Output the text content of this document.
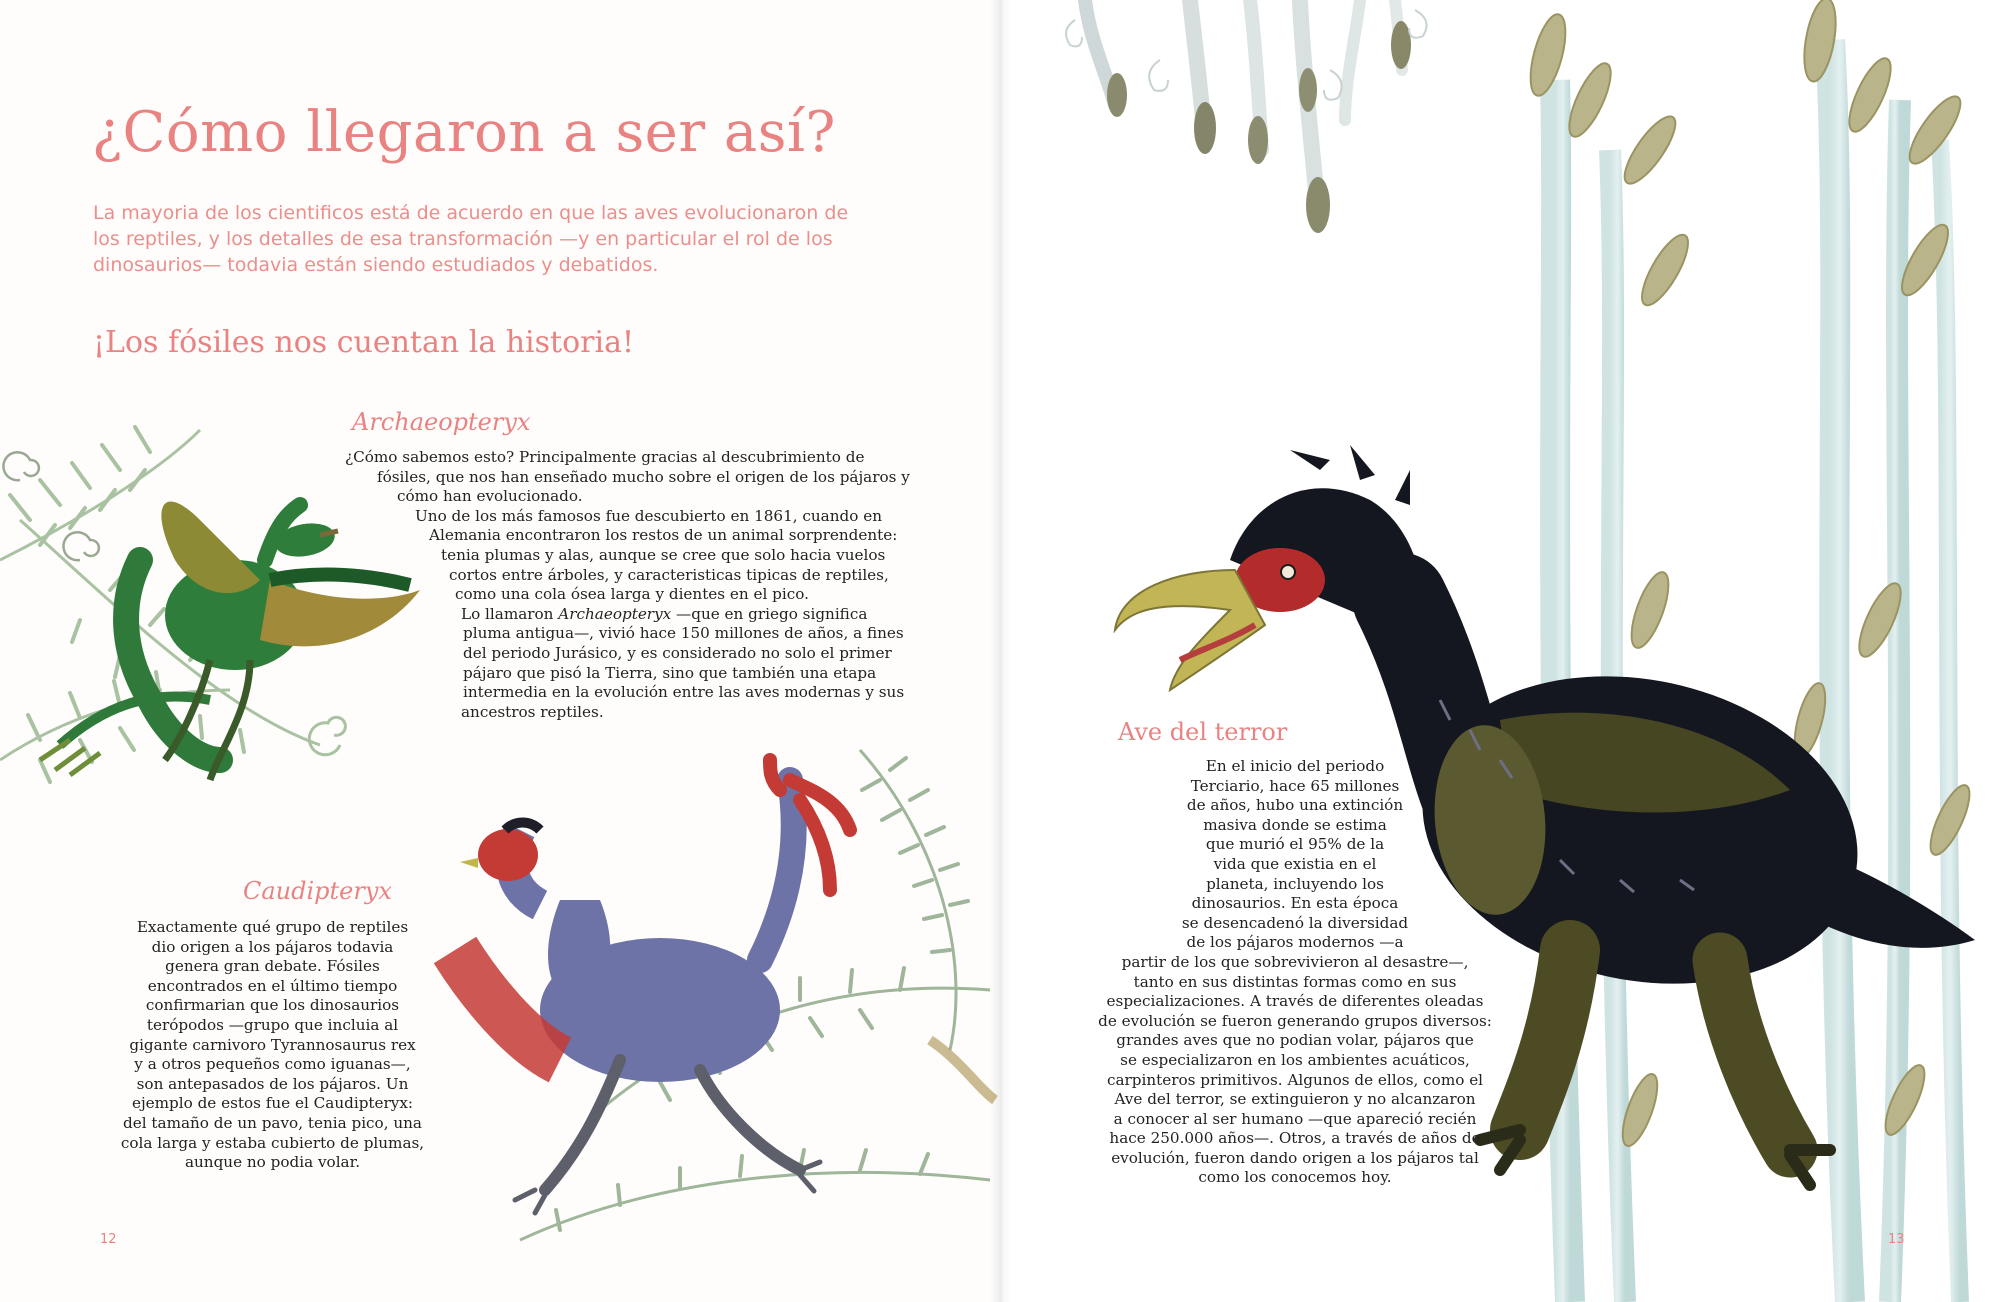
¿Cómo llegaron a ser así?

La mayoria de los cientificos está de acuerdo en que las aves evolucionaron de
los reptiles, y los detalles de esa transformación —y en particular el rol de los
dinosaurios— todavia están siendo estudiados y debatidos.

¡Los fósiles nos cuentan la historia!
Archaeopteryx
¿Cómo sabemos esto? Principalmente gracias al descubrimiento de
fósiles, que nos han enseñado mucho sobre el origen de los pájaros y
cómo han evolucionado.
Uno de los más famosos fue descubierto en 1861, cuando en
Alemania encontraron los restos de un animal sorprendente:
tenia plumas y alas, aunque se cree que solo hacia vuelos
cortos entre árboles, y caracteristicas tipicas de reptiles,
como una cola ósea larga y dientes en el pico.
Lo llamaron Archaeopteryx —que en griego significa
pluma antigua—, vivió hace 150 millones de años, a fines
del periodo Jurásico, y es considerado no solo el primer
pájaro que pisó la Tierra, sino que también una etapa
intermedia en la evolución entre las aves modernas y sus
ancestros reptiles.
Caudipteryx
Exactamente qué grupo de reptiles
dio origen a los pájaros todavia
genera gran debate. Fósiles
encontrados en el último tiempo
confirmarian que los dinosaurios
terópodos —grupo que incluia al
gigante carnivoro Tyrannosaurus rex
y a otros pequeños como iguanas—,
son antepasados de los pájaros. Un
ejemplo de estos fue el Caudipteryx:
del tamaño de un pavo, tenia pico, una
cola larga y estaba cubierto de plumas,
aunque no podia volar.
12
Ave del terror
En el inicio del periodo
Terciario, hace 65 millones
de años, hubo una extinción
masiva donde se estima
que murió el 95% de la
vida que existia en el
planeta, incluyendo los
dinosaurios. En esta época
se desencadenó la diversidad
de los pájaros modernos —a
partir de los que sobrevivieron al desastre—,
tanto en sus distintas formas como en sus
especializaciones. A través de diferentes oleadas
de evolución se fueron generando grupos diversos:
grandes aves que no podian volar, pájaros que
se especializaron en los ambientes acuáticos,
carpinteros primitivos. Algunos de ellos, como el
Ave del terror, se extinguieron y no alcanzaron
a conocer al ser humano —que apareció recién
hace 250.000 años—. Otros, a través de años de
evolución, fueron dando origen a los pájaros tal
como los conocemos hoy.
13
